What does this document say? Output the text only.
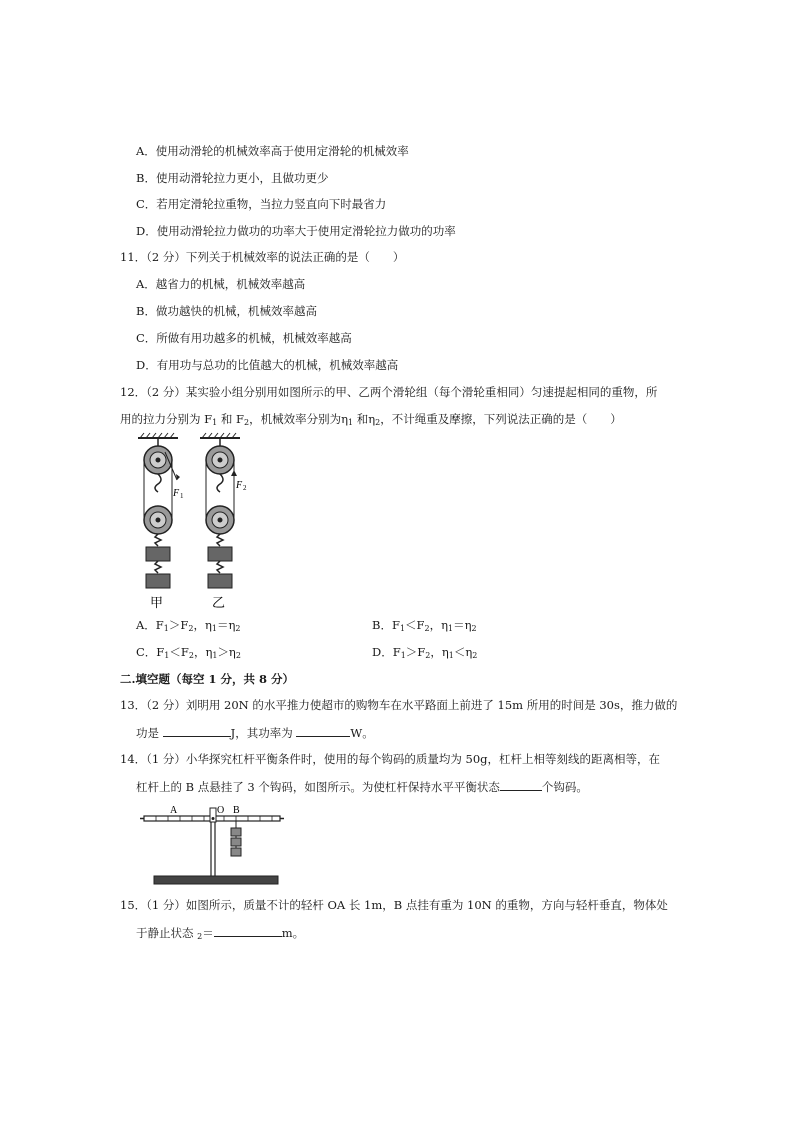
A．使用动滑轮的机械效率高于使用定滑轮的机械效率
B．使用动滑轮拉力更小，且做功更少
C．若用定滑轮拉重物，当拉力竖直向下时最省力
D．使用动滑轮拉力做功的功率大于使用定滑轮拉力做功的功率
11．（2 分）下列关于机械效率的说法正确的是（　　）
A．越省力的机械，机械效率越高
B．做功越快的机械，机械效率越高
C．所做有用功越多的机械，机械效率越高
D．有用功与总功的比值越大的机械，机械效率越高
12．（2 分）某实验小组分别用如图所示的甲、乙两个滑轮组（每个滑轮重相同）匀速提起相同的重物，所
用的拉力分别为 $F_1$ 和 $F_2$，机械效率分别为$\eta_1$ 和$\eta_2$，不计绳重及摩擦，下列说法正确的是（　　）
F 1
F 2
甲	乙
A．$F_1>F_2$，$\eta_1=\eta_2$	B．$F_1<F_2$，$\eta_1=\eta_2$
C．$F_1<F_2$，$\eta_1>\eta_2$	D．$F_1>F_2$，$\eta_1<\eta_2$
二.填空题（每空 1 分，共 8 分）
13．（2 分）刘明用 20N 的水平推力使超市的购物车在水平路面上前进了 15m 所用的时间是 30s，推力做的
功是	J，其功率为	W。
14．（1 分）小华探究杠杆平衡条件时，使用的每个钩码的质量均为 50g，杠杆上相等刻线的距离相等，在
杠杆上的 B 点悬挂了 3 个钩码，如图所示。为使杠杆保持水平平衡状态	个钩码。
A	O B
15．（1 分）如图所示，质量不计的轻杆 OA 长 1m，B 点挂有重为 10N 的重物，方向与轻杆垂直，物体处
于静止状态 $_2$＝	m。
